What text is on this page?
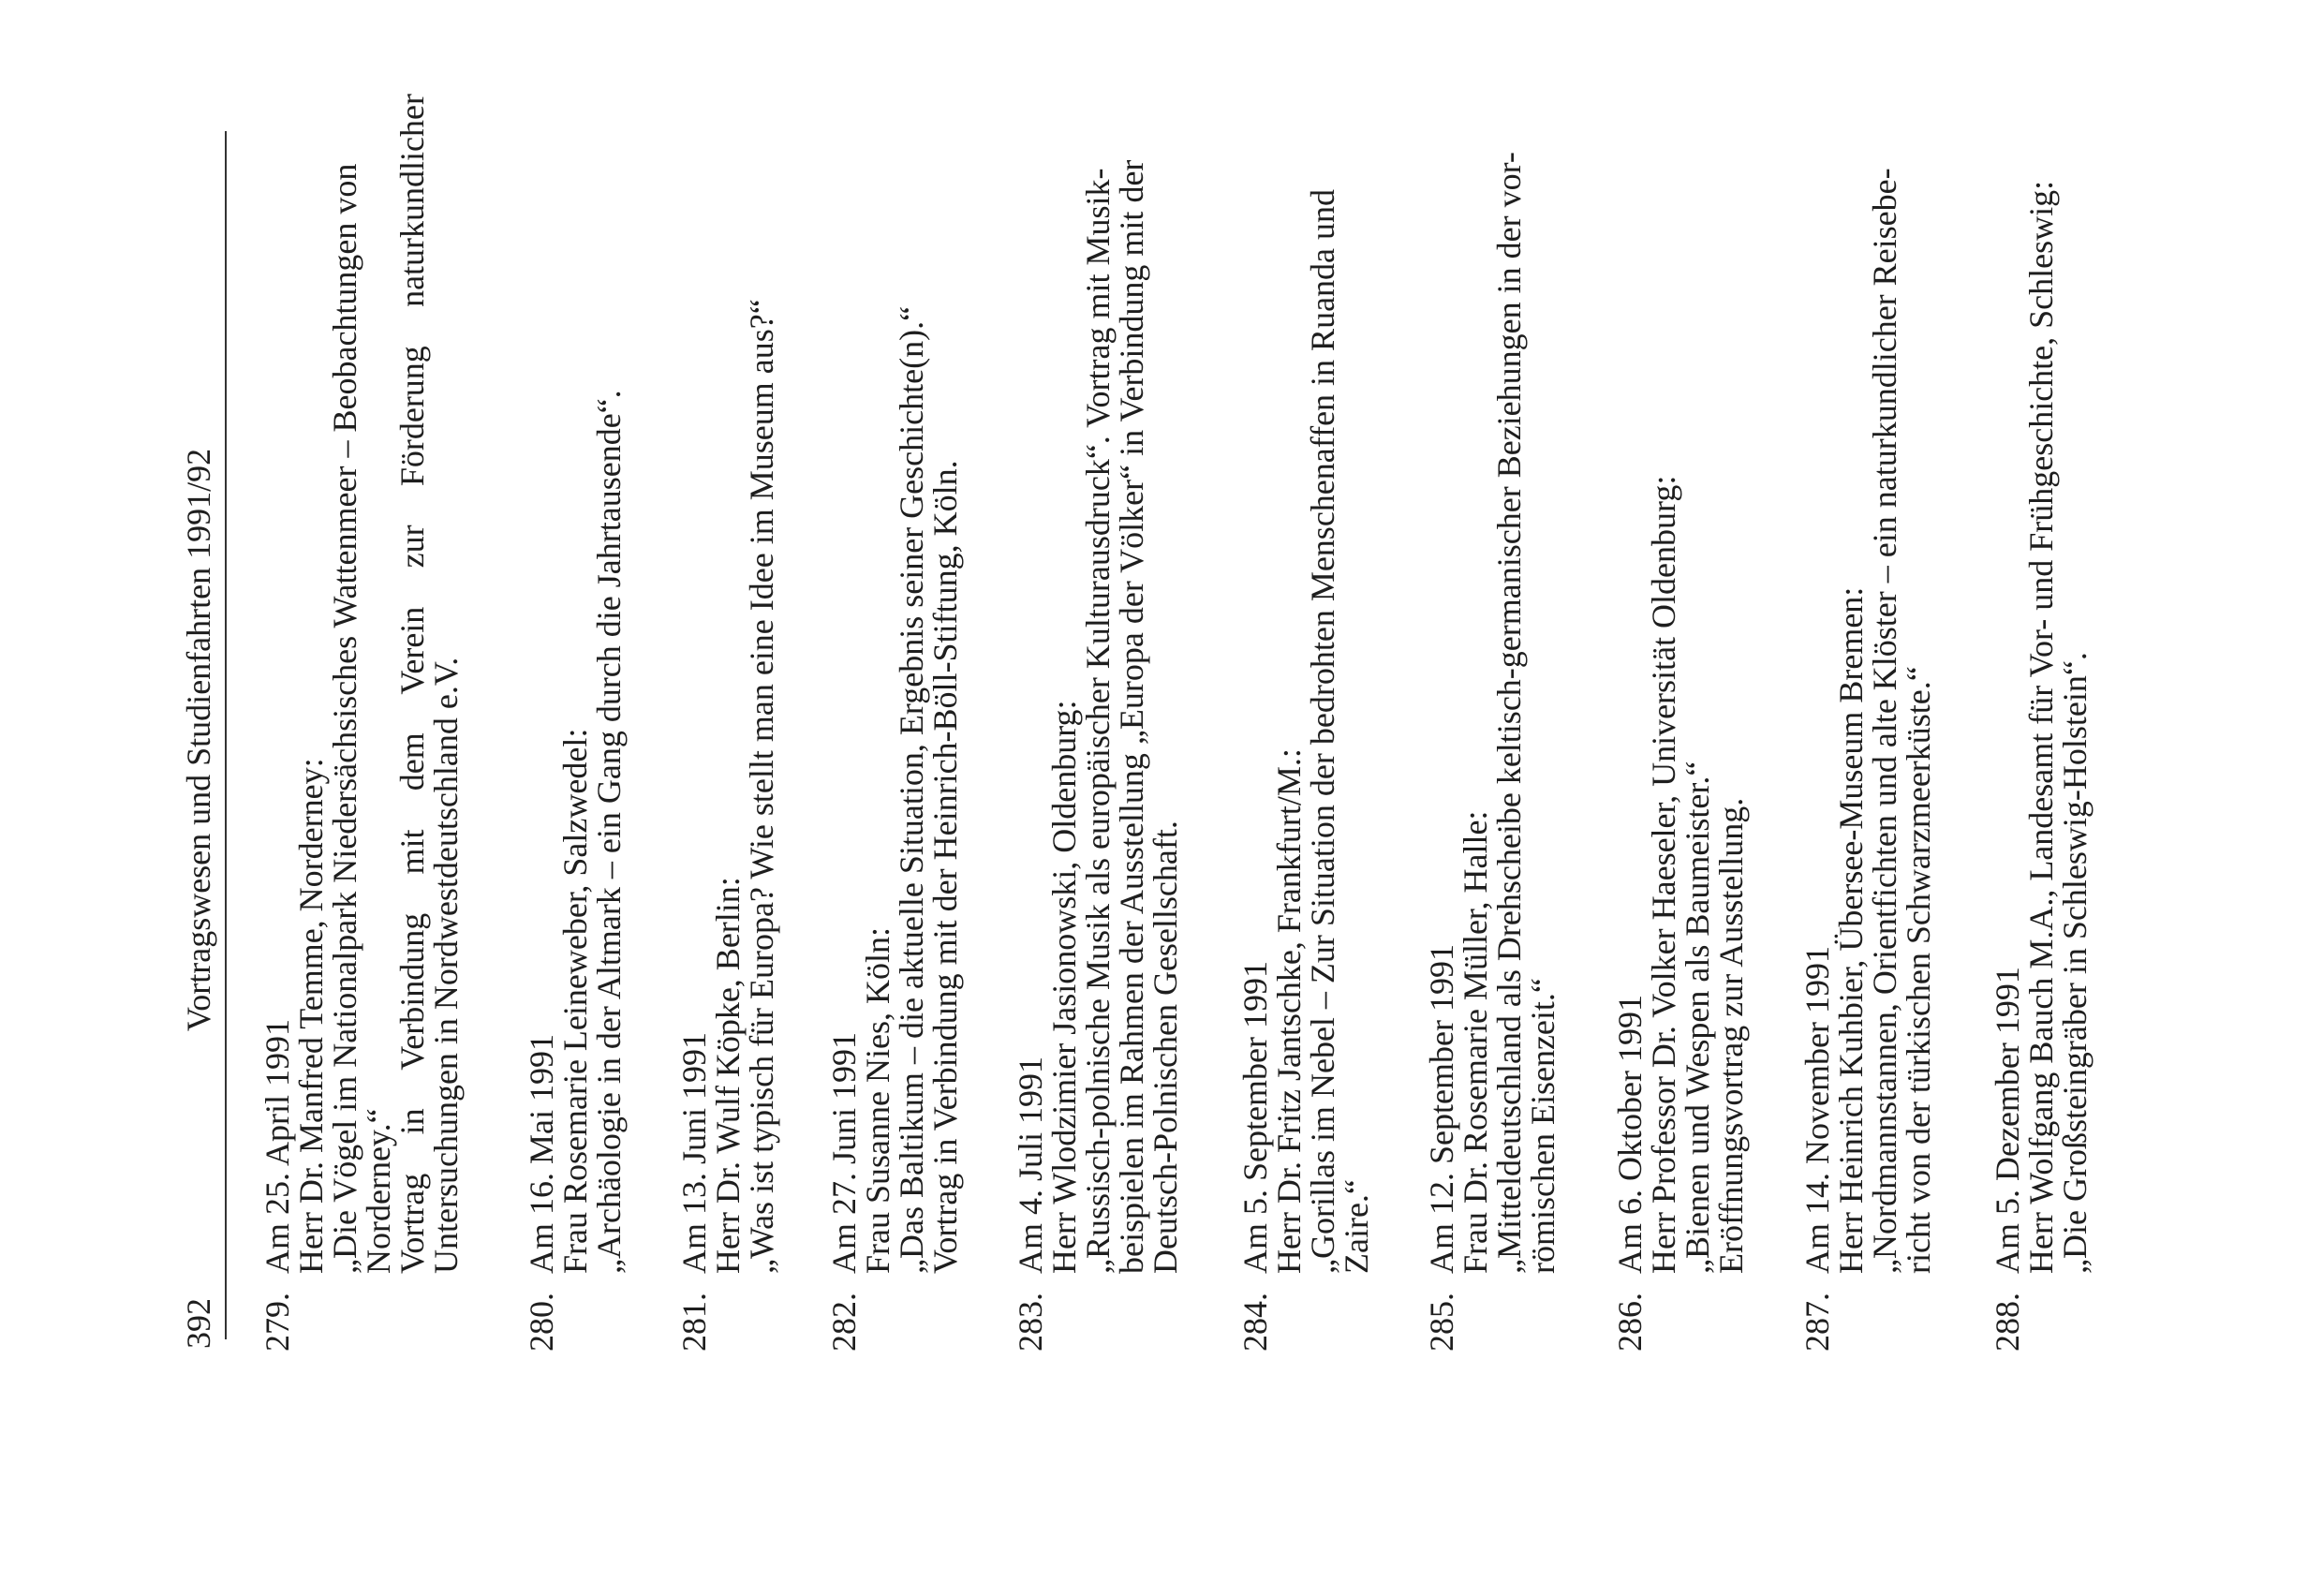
392
Vortragswesen und Studienfahrten 1991/92
279.
Am 25. April 1991
Herr Dr. Manfred Temme, Norderney:
„Die Vögel im Nationalpark Niedersächsisches Wattenmeer – Beobachtungen von
Norderney.“
Vortrag in Verbindung mit dem Verein zur Förderung naturkundlicher
Untersuchungen in Nordwestdeutschland e.V.
280.
Am 16. Mai 1991
Frau Rosemarie Leineweber, Salzwedel:
„Archäologie in der Altmark – ein Gang durch die Jahrtausende“.
281.
Am 13. Juni 1991
Herr Dr. Wulf Köpke, Berlin:
„Was ist typisch für Europa? Wie stellt man eine Idee im Museum aus?“
282.
Am 27. Juni 1991
Frau Susanne Nies, Köln:
„Das Baltikum – die aktuelle Situation, Ergebnis seiner Geschichte(n).“
Vortrag in Verbindung mit der Heinrich-Böll-Stiftung, Köln.
283.
Am 4. Juli 1991
Herr Wlodzimier Jasionowski, Oldenburg:
„Russisch-polnische Musik als europäischer Kulturausdruck“. Vortrag mit Musik-
beispielen im Rahmen der Ausstellung „Europa der Völker“ in Verbindung mit der
Deutsch-Polnischen Gesellschaft.
284.
Am 5. September 1991
Herr Dr. Fritz Jantschke, Frankfurt/M.:
„Gorillas im Nebel – Zur Situation der bedrohten Menschenaffen in Ruanda und
Zaire.“
285.
Am 12. September 1991
Frau Dr. Rosemarie Müller, Halle:
„Mitteldeutschland als Drehscheibe keltisch-germanischer Beziehungen in der vor-
römischen Eisenzeit.“
286.
Am 6. Oktober 1991
Herr Professor Dr. Volker Haeseler, Universität Oldenburg:
„Bienen und Wespen als Baumeister.“
Eröffnungsvortrag zur Ausstellung.
287.
Am 14. November 1991
Herr Heinrich Kuhbier, Übersee-Museum Bremen:
„Nordmannstannen, Orientfichten und alte Klöster – ein naturkundlicher Reisebe-
richt von der türkischen Schwarzmeerküste.“
288.
Am 5. Dezember 1991
Herr Wolfgang Bauch M.A., Landesamt für Vor- und Frühgeschichte, Schleswig:
„Die Großsteingräber in Schleswig-Holstein“.
